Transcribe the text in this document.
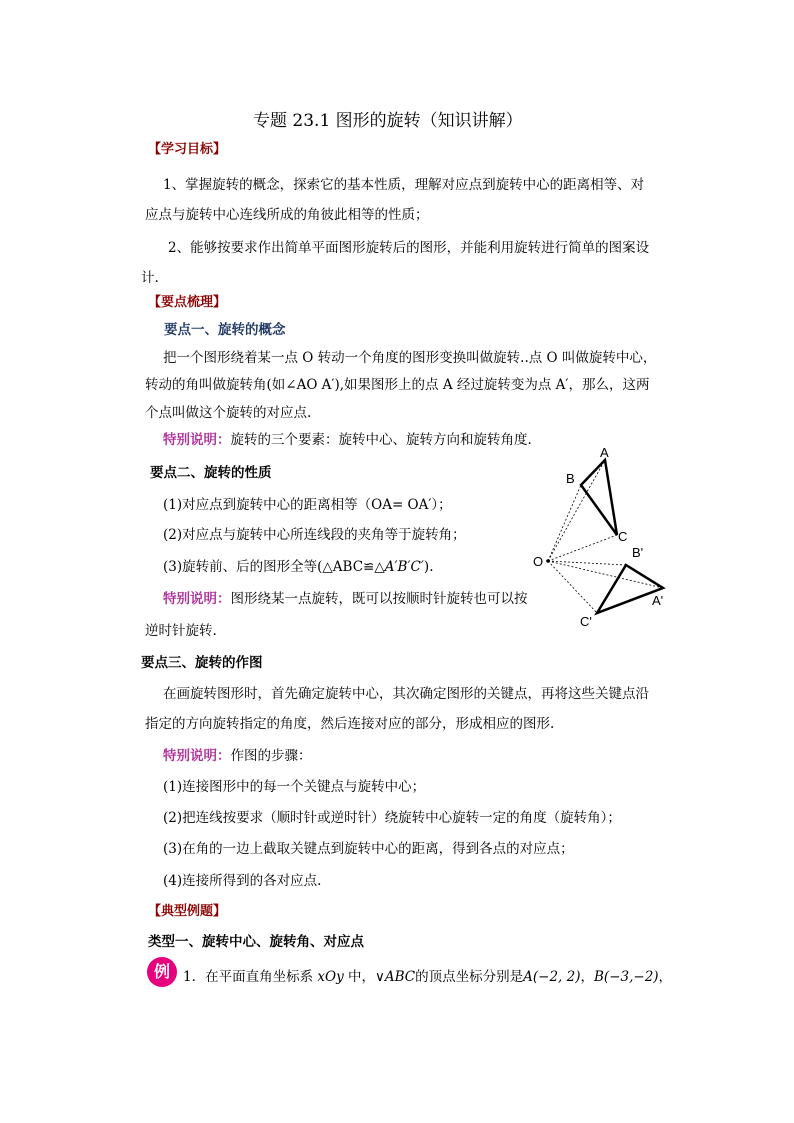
专题 23.1 图形的旋转（知识讲解）
【学习目标】
1、掌握旋转的概念，探索它的基本性质，理解对应点到旋转中心的距离相等、对
应点与旋转中心连线所成的角彼此相等的性质；
2、能够按要求作出简单平面图形旋转后的图形，并能利用旋转进行简单的图案设
计.
【要点梳理】
要点一、旋转的概念
把一个图形绕着某一点 O 转动一个角度的图形变换叫做旋转..点 O 叫做旋转中心，
转动的角叫做旋转角(如∠AO A′),如果图形上的点 A 经过旋转变为点 A′，那么，这两
个点叫做这个旋转的对应点.
特别说明：旋转的三个要素：旋转中心、旋转方向和旋转角度.
要点二、旋转的性质
(1)对应点到旋转中心的距离相等（OA= OA′）；
(2)对应点与旋转中心所连线段的夹角等于旋转角；
(3)旋转前、后的图形全等(△ABC≌△A′B′C′).
特别说明：图形绕某一点旋转，既可以按顺时针旋转也可以按
逆时针旋转.
A
B
C
O
B'
A'
C'
要点三、旋转的作图
在画旋转图形时，首先确定旋转中心，其次确定图形的关键点，再将这些关键点沿
指定的方向旋转指定的角度，然后连接对应的部分，形成相应的图形.
特别说明：作图的步骤：
(1)连接图形中的每一个关键点与旋转中心；
(2)把连线按要求（顺时针或逆时针）绕旋转中心旋转一定的角度（旋转角）；
(3)在角的一边上截取关键点到旋转中心的距离，得到各点的对应点；
(4)连接所得到的各对应点.
【典型例题】
类型一、旋转中心、旋转角、对应点
例 1．在平面直角坐标系 xOy 中，∨ABC的顶点坐标分别是A(−2, 2)，B(−3,−2)，
